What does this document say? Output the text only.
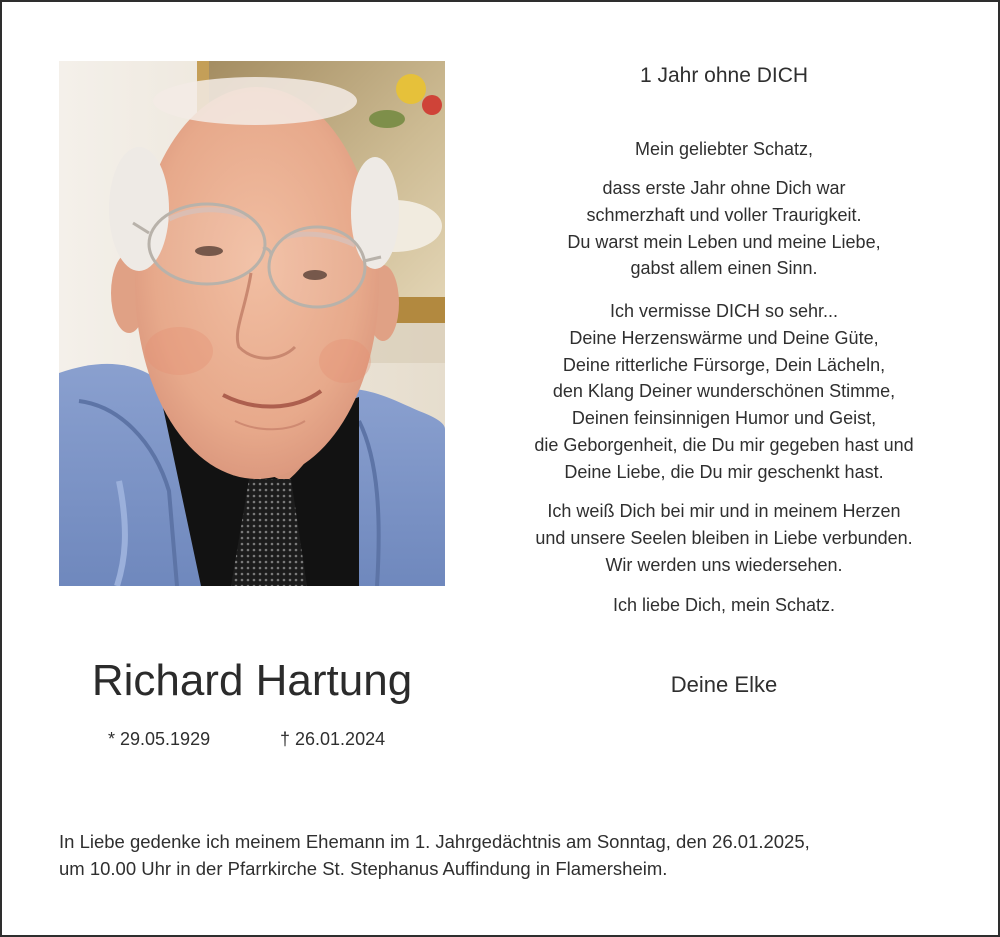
1 Jahr ohne DICH
Mein geliebter Schatz,
dass erste Jahr ohne Dich war
schmerzhaft und voller Traurigkeit.
Du warst mein Leben und meine Liebe,
gabst allem einen Sinn.
Ich vermisse DICH so sehr...
Deine Herzenswärme und Deine Güte,
Deine ritterliche Fürsorge, Dein Lächeln,
den Klang Deiner wunderschönen Stimme,
Deinen feinsinnigen Humor und Geist,
die Geborgenheit, die Du mir gegeben hast und
Deine Liebe, die Du mir geschenkt hast.
Ich weiß Dich bei mir und in meinem Herzen
und unsere Seelen bleiben in Liebe verbunden.
Wir werden uns wiedersehen.
Ich liebe Dich, mein Schatz.
Deine Elke
Richard Hartung
* 29.05.1929	† 26.01.2024
In Liebe gedenke ich meinem Ehemann im 1. Jahrgedächtnis am Sonntag, den 26.01.2025,
um 10.00 Uhr in der Pfarrkirche St. Stephanus Auffindung in Flamersheim.
